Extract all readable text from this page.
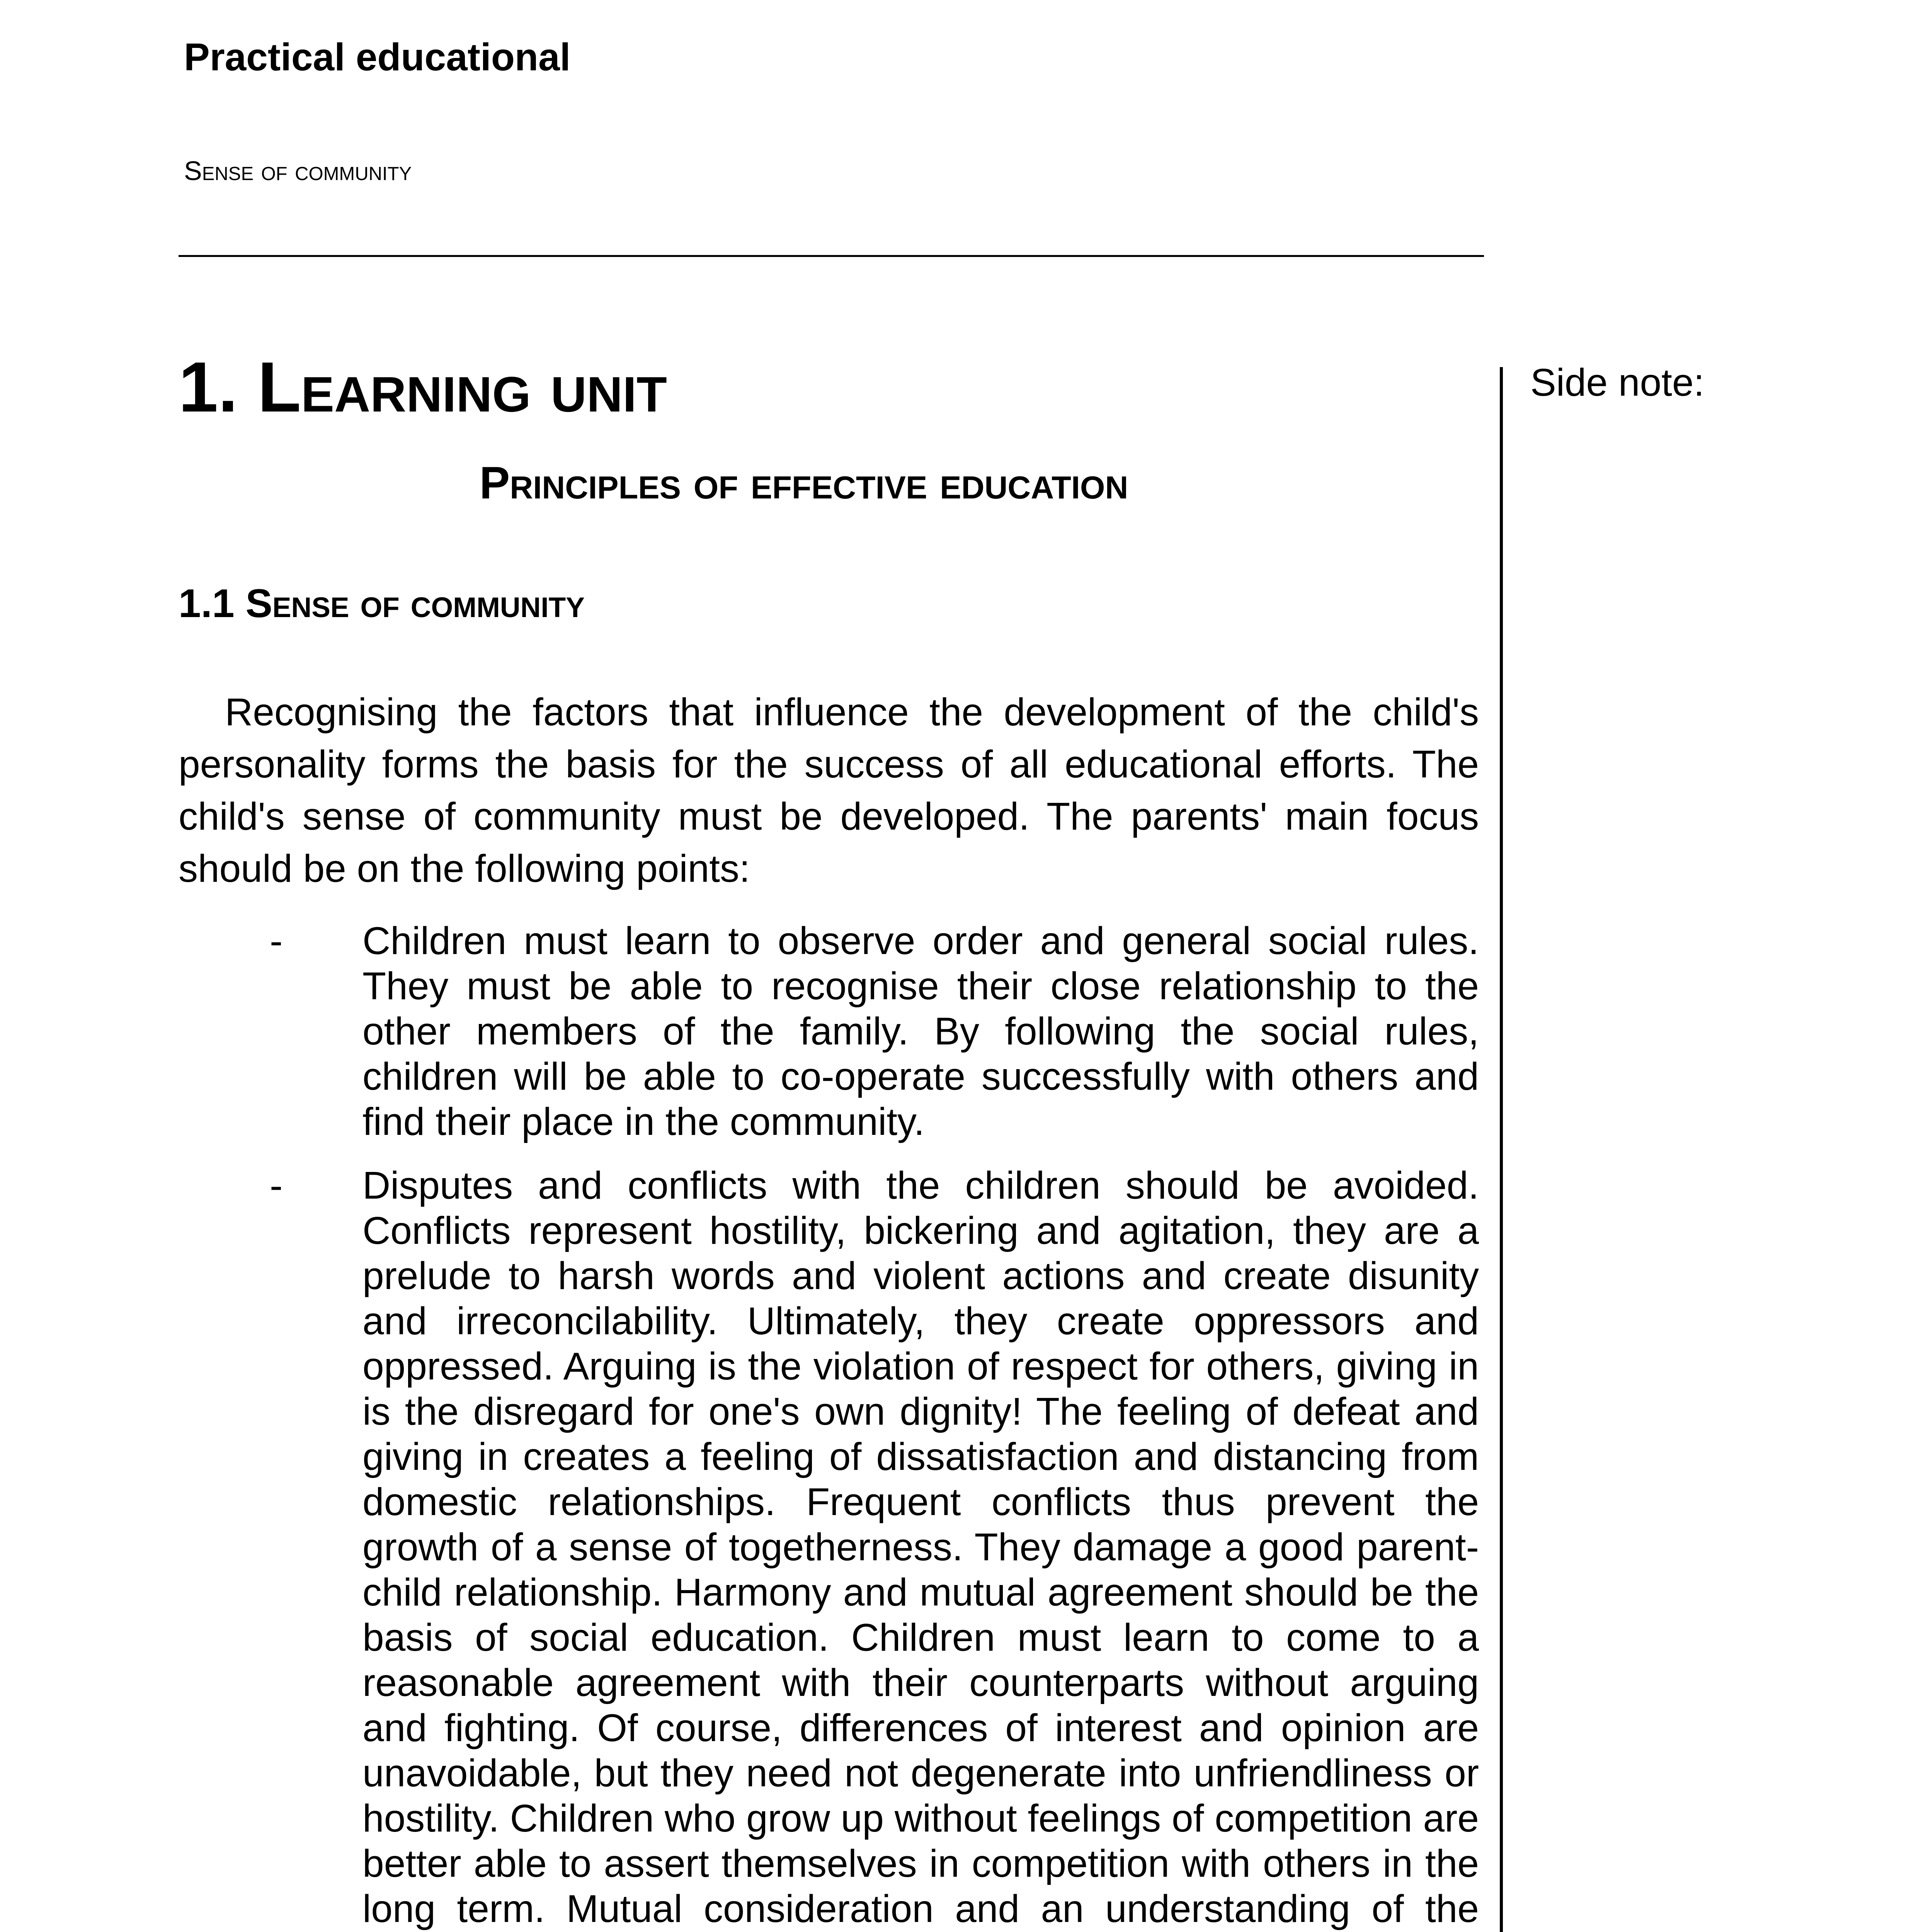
Practical educational
Sense of community
Side note:
1. Learning unit
Principles of effective education
1.1 Sense of community

Recognising the factors that influence the development of the child's personality forms the basis for the success of all educational efforts. The child's sense of community must be developed. The parents' main focus should be on the following points:

- Children must learn to observe order and general social rules. They must be able to recognise their close relationship to the other members of the family. By following the social rules, children will be able to co-operate successfully with others and find their place in the community.
- Disputes and conflicts with the children should be avoided. Conflicts represent hostility, bickering and agitation, they are a prelude to harsh words and violent actions and create disunity and irreconcilability. Ultimately, they create oppressors and oppressed. Arguing is the violation of respect for others, giving in is the disregard for one's own dignity! The feeling of defeat and giving in creates a feeling of dissatisfaction and distancing from domestic relationships. Frequent conflicts thus prevent the growth of a sense of togetherness. They damage a good parent-child relationship. Harmony and mutual agreement should be the basis of social education. Children must learn to come to a reasonable agreement with their counterparts without arguing and fighting. Of course, differences of interest and opinion are unavoidable, but they need not degenerate into unfriendliness or hostility. Children who grow up without feelings of competition are better able to assert themselves in competition with others in the long term. Mutual consideration and an understanding of the
